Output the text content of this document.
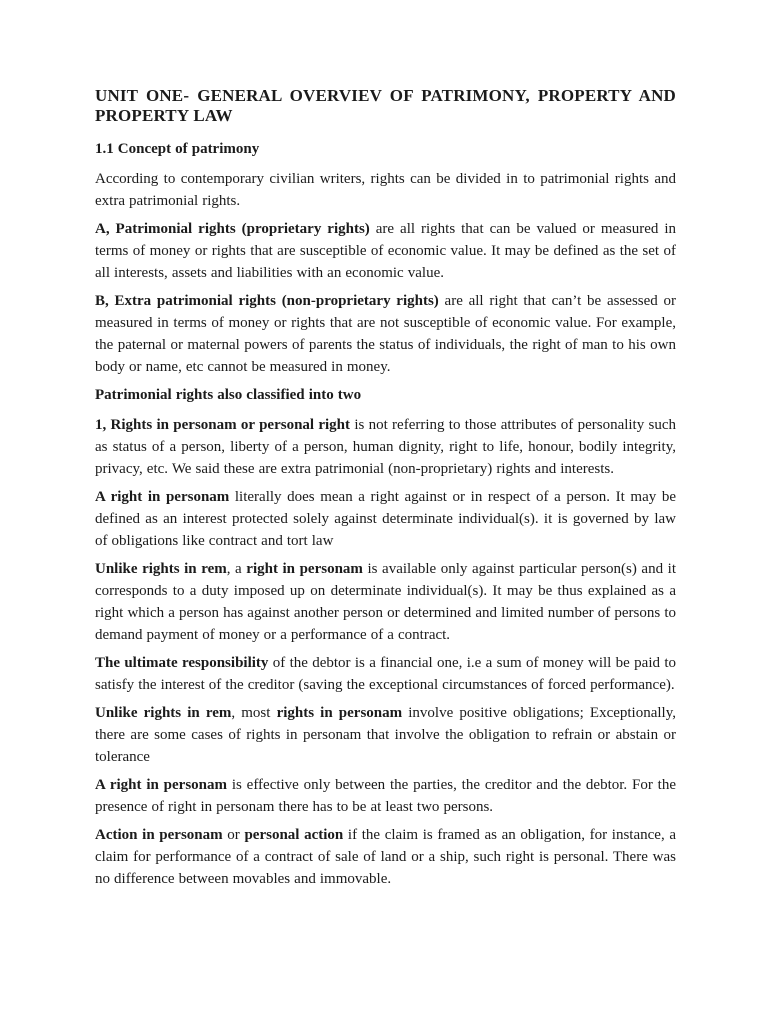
UNIT ONE- GENERAL OVERVIEV OF PATRIMONY, PROPERTY AND PROPERTY LAW

1.1 Concept of patrimony

According to contemporary civilian writers, rights can be divided in to patrimonial rights and extra patrimonial rights.

A, Patrimonial rights (proprietary rights) are all rights that can be valued or measured in terms of money or rights that are susceptible of economic value. It may be defined as the set of all interests, assets and liabilities with an economic value.

B, Extra patrimonial rights (non-proprietary rights) are all right that can’t be assessed or measured in terms of money or rights that are not susceptible of economic value. For example, the paternal or maternal powers of parents the status of individuals, the right of man to his own body or name, etc cannot be measured in money.

Patrimonial rights also classified into two

1, Rights in personam or personal right is not referring to those attributes of personality such as status of a person, liberty of a person, human dignity, right to life, honour, bodily integrity, privacy, etc. We said these are extra patrimonial (non-proprietary) rights and interests.

A right in personam literally does mean a right against or in respect of a person. It may be defined as an interest protected solely against determinate individual(s). it is governed by law of obligations like contract and tort law

Unlike rights in rem, a right in personam is available only against particular person(s) and it corresponds to a duty imposed up on determinate individual(s). It may be thus explained as a right which a person has against another person or determined and limited number of persons to demand payment of money or a performance of a contract.

The ultimate responsibility of the debtor is a financial one, i.e a sum of money will be paid to satisfy the interest of the creditor (saving the exceptional circumstances of forced performance).

Unlike rights in rem, most rights in personam involve positive obligations; Exceptionally, there are some cases of rights in personam that involve the obligation to refrain or abstain or tolerance

A right in personam is effective only between the parties, the creditor and the debtor. For the presence of right in personam there has to be at least two persons.

Action in personam or personal action if the claim is framed as an obligation, for instance, a claim for performance of a contract of sale of land or a ship, such right is personal. There was no difference between movables and immovable.
